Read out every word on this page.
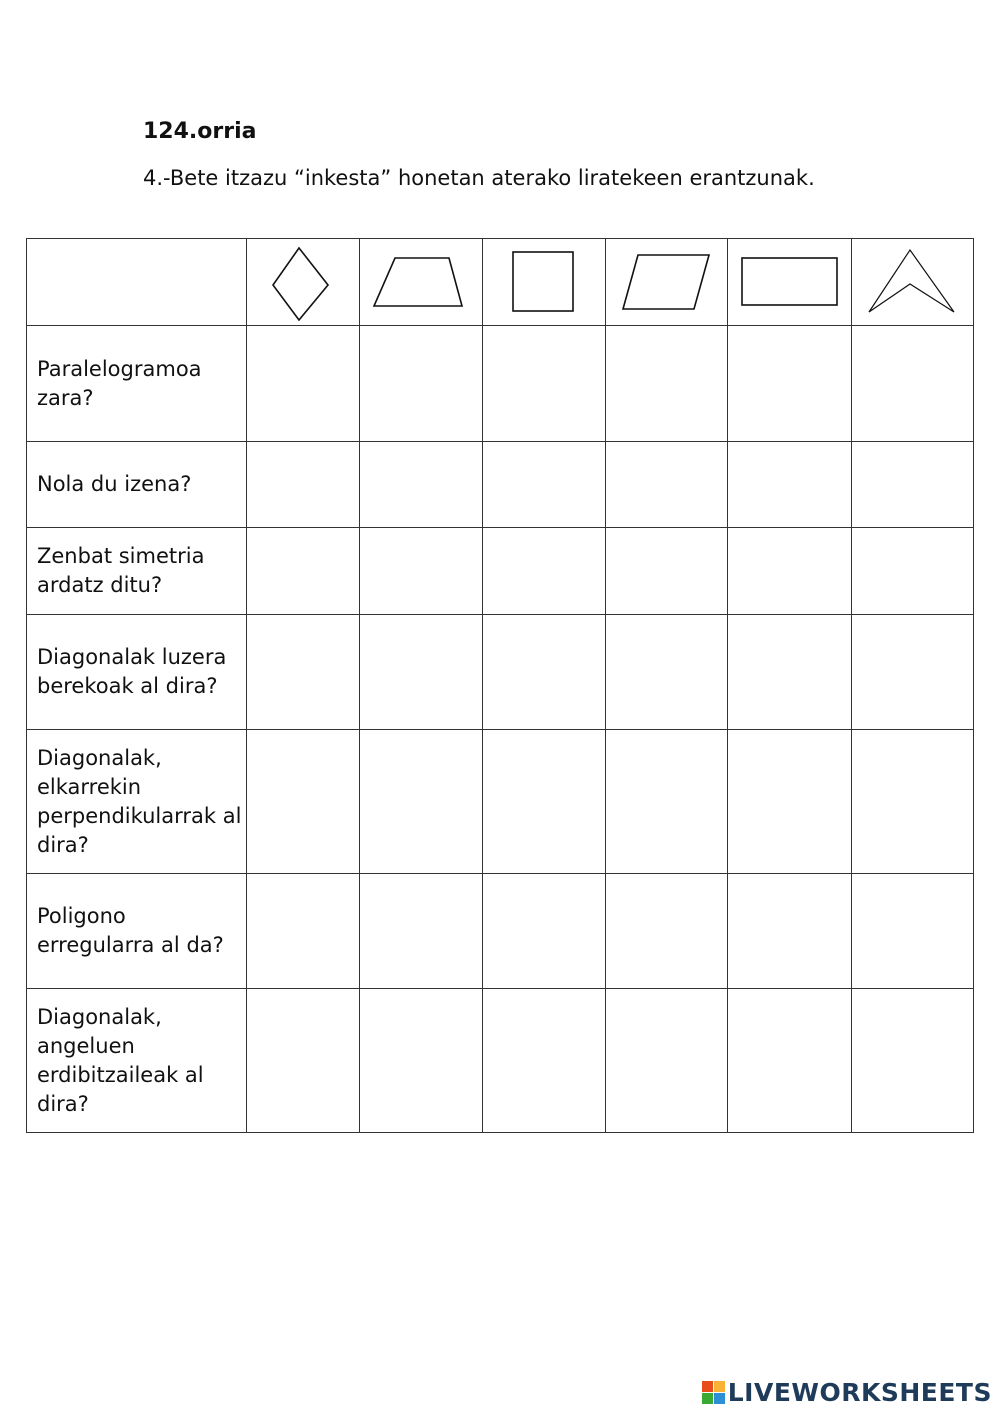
124.orria

4.-Bete itzazu “inkesta” honetan aterako liratekeen erantzunak.

Paralelogramoa zara?						
Nola du izena?						
Zenbat simetria ardatz ditu?						
Diagonalak luzera berekoak al dira?						
Diagonalak, elkarrekin perpendikularrak al dira?						
Poligono erregularra al da?						
Diagonalak, angeluen erdibitzaileak al dira?						
LIVEWORKSHEETS
